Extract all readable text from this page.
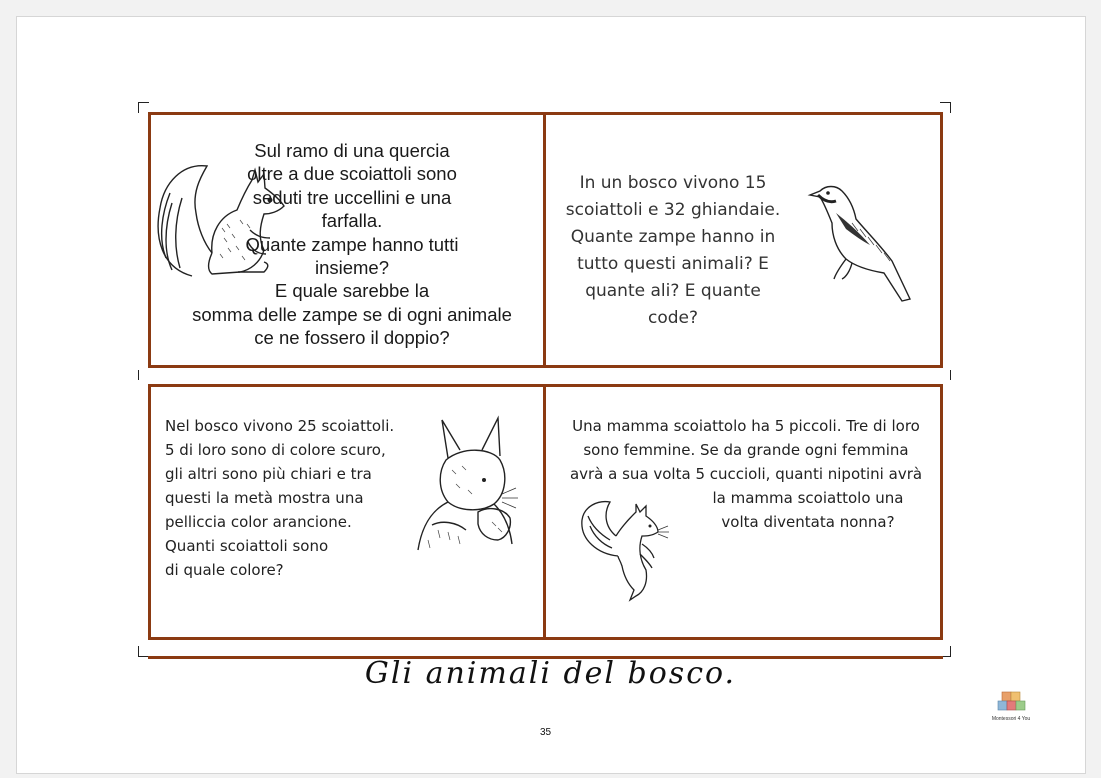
Sul ramo di una quercia
oltre a due scoiattoli sono
seduti tre uccellini e una
farfalla.
Quante zampe hanno tutti
insieme?
E quale sarebbe la
somma delle zampe se di ogni animale
ce ne fossero il doppio?
In un bosco vivono 15
scoiattoli e 32 ghiandaie.
Quante zampe hanno in
tutto questi animali? E
quante ali? E quante
code?
Nel bosco vivono 25 scoiattoli.
5 di loro sono di colore scuro,
gli altri sono più chiari e tra
questi la metà mostra una
pelliccia color arancione.
Quanti scoiattoli sono
di quale colore?
Una mamma scoiattolo ha 5 piccoli. Tre di loro
sono femmine. Se da grande ogni femmina
avrà a sua volta 5 cuccioli, quanti nipotini avrà
la mamma scoiattolo una
volta diventata nonna?
Gli animali del bosco.
35
Montessori 4 You
